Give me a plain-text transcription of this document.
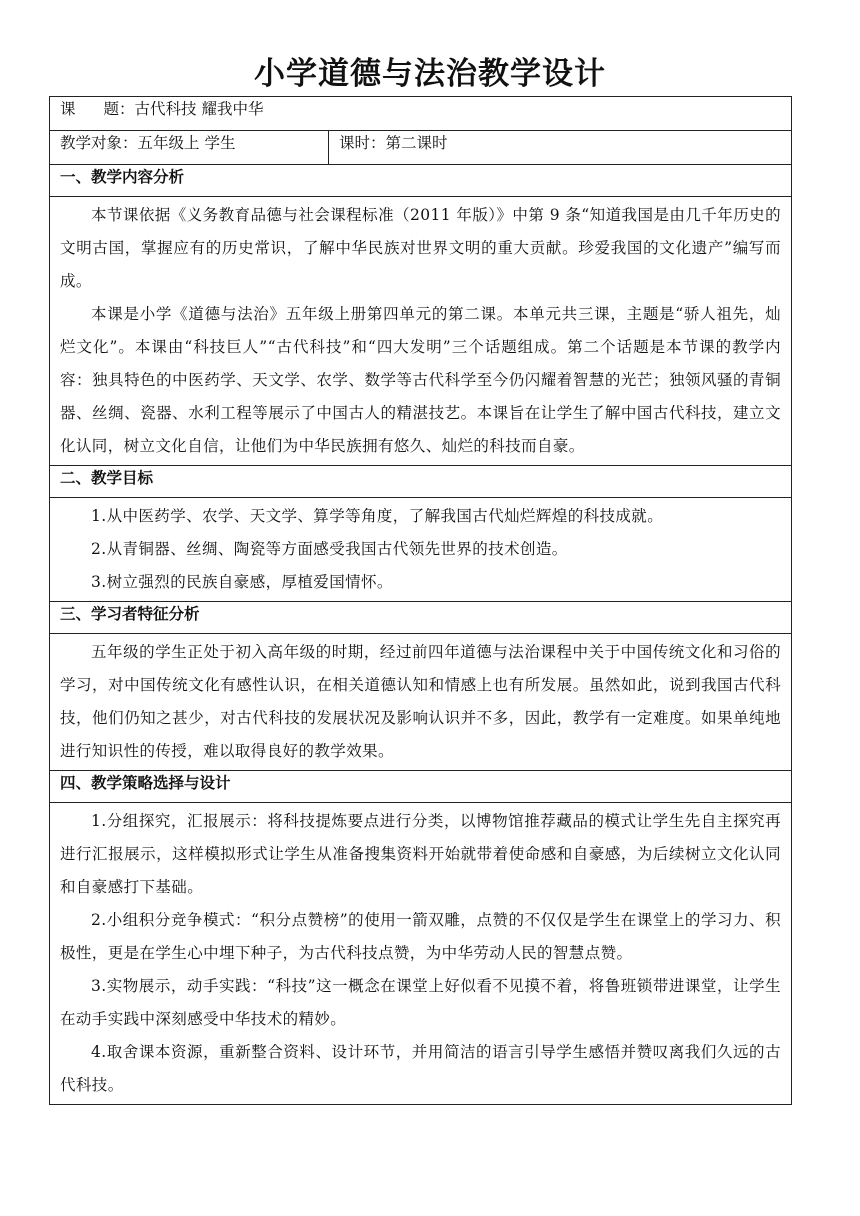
小学道德与法治教学设计
课 题：古代科技 耀我中华
教学对象：五年级上 学生	课时：第二课时
一、教学内容分析

本节课依据《义务教育品德与社会课程标准（2011 年版）》中第 9 条“知道我国是由几千年历史的文明古国，掌握应有的历史常识，了解中华民族对世界文明的重大贡献。珍爱我国的文化遗产”编写而成。

本课是小学《道德与法治》五年级上册第四单元的第二课。本单元共三课，主题是“骄人祖先，灿烂文化”。本课由“科技巨人”“古代科技”和“四大发明”三个话题组成。第二个话题是本节课的教学内容：独具特色的中医药学、天文学、农学、数学等古代科学至今仍闪耀着智慧的光芒；独领风骚的青铜器、丝绸、瓷器、水利工程等展示了中国古人的精湛技艺。本课旨在让学生了解中国古代科技，建立文化认同，树立文化自信，让他们为中华民族拥有悠久、灿烂的科技而自豪。

二、教学目标

1.从中医药学、农学、天文学、算学等角度，了解我国古代灿烂辉煌的科技成就。

2.从青铜器、丝绸、陶瓷等方面感受我国古代领先世界的技术创造。

3.树立强烈的民族自豪感，厚植爱国情怀。

三、学习者特征分析

五年级的学生正处于初入高年级的时期，经过前四年道德与法治课程中关于中国传统文化和习俗的学习，对中国传统文化有感性认识，在相关道德认知和情感上也有所发展。虽然如此，说到我国古代科技，他们仍知之甚少，对古代科技的发展状况及影响认识并不多，因此，教学有一定难度。如果单纯地进行知识性的传授，难以取得良好的教学效果。

四、教学策略选择与设计

1.分组探究，汇报展示：将科技提炼要点进行分类，以博物馆推荐藏品的模式让学生先自主探究再进行汇报展示，这样模拟形式让学生从准备搜集资料开始就带着使命感和自豪感，为后续树立文化认同和自豪感打下基础。

2.小组积分竞争模式：“积分点赞榜”的使用一箭双雕，点赞的不仅仅是学生在课堂上的学习力、积极性，更是在学生心中埋下种子，为古代科技点赞，为中华劳动人民的智慧点赞。

3.实物展示，动手实践：“科技”这一概念在课堂上好似看不见摸不着，将鲁班锁带进课堂，让学生在动手实践中深刻感受中华技术的精妙。

4.取舍课本资源，重新整合资料、设计环节，并用简洁的语言引导学生感悟并赞叹离我们久远的古代科技。
